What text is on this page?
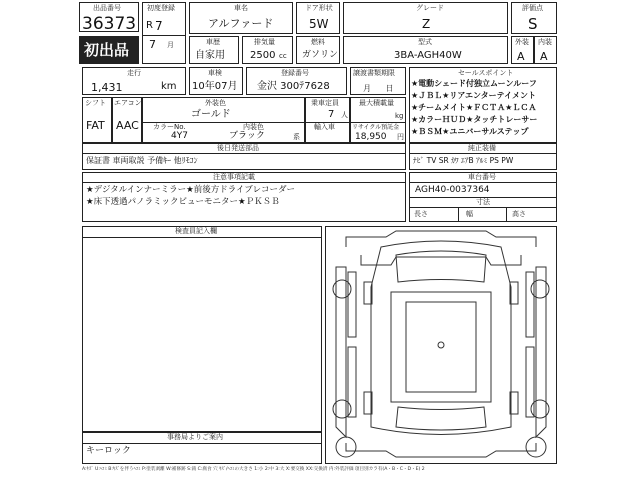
出品番号
36373
初出品
初度登録
R 7
7 月
車名
アルファード
ドア形状
5W
グレード
Z
評価点
S
車歴
自家用
排気量
2500 cc
燃料
ガソリン
型式
3BA-AGH40W
外装
A
内装
A
走行
1,431	km
車検
10年07月
登録番号
金沢 300ﾃ7628
譲渡書類期限
月 日
シフト
FAT
エアコン
AAC
外装色
ゴールド
カラーNo.	内装色
4Y7	ブラック	系
乗車定員
7 人
輸入車
最大積載量
kg
リサイクル預託金
18,950 円
後日発送部品
保証書 車両取説 予備ｷｰ 他ﾘﾓｺﾝ
セールスポイント
★電動シェード付独立ムーンルーフ
★ＪＢＬ★リアエンターテイメント
★チームメイト★ＦＣＴＡ★ＬＣＡ
★カラーＨＵＤ★タッチトレーサー
★ＢＳＭ★ユニバーサルステップ
純正装備
ﾅﾋﾞ TV SR ｶﾜ ｴｱB ｱﾙﾐ PS PW
注意事項記載
★デジタルインナーミラー★前後方ドライブレコーダー
★床下透過パノラミックビューモニター★ＰＫＳＢ
車台番号
AGH40-0037364
寸法
長さ	幅	高さ
検査員記入欄
事務局よりご案内
キーロック
A:ｷｽﾞ U:ﾍｺﾐ B:ｷｽﾞを伴うﾍｺﾐ P:塗装剥離 W:補修跡 S:錆 C:腐食 穴 ｷｽﾞ/ﾍｺﾐの大きさ 1:小 2:中 3:大 X:要交換 XX:交換済 内:外装評価 項目別カラ有(A・B・C・D・E) 2
